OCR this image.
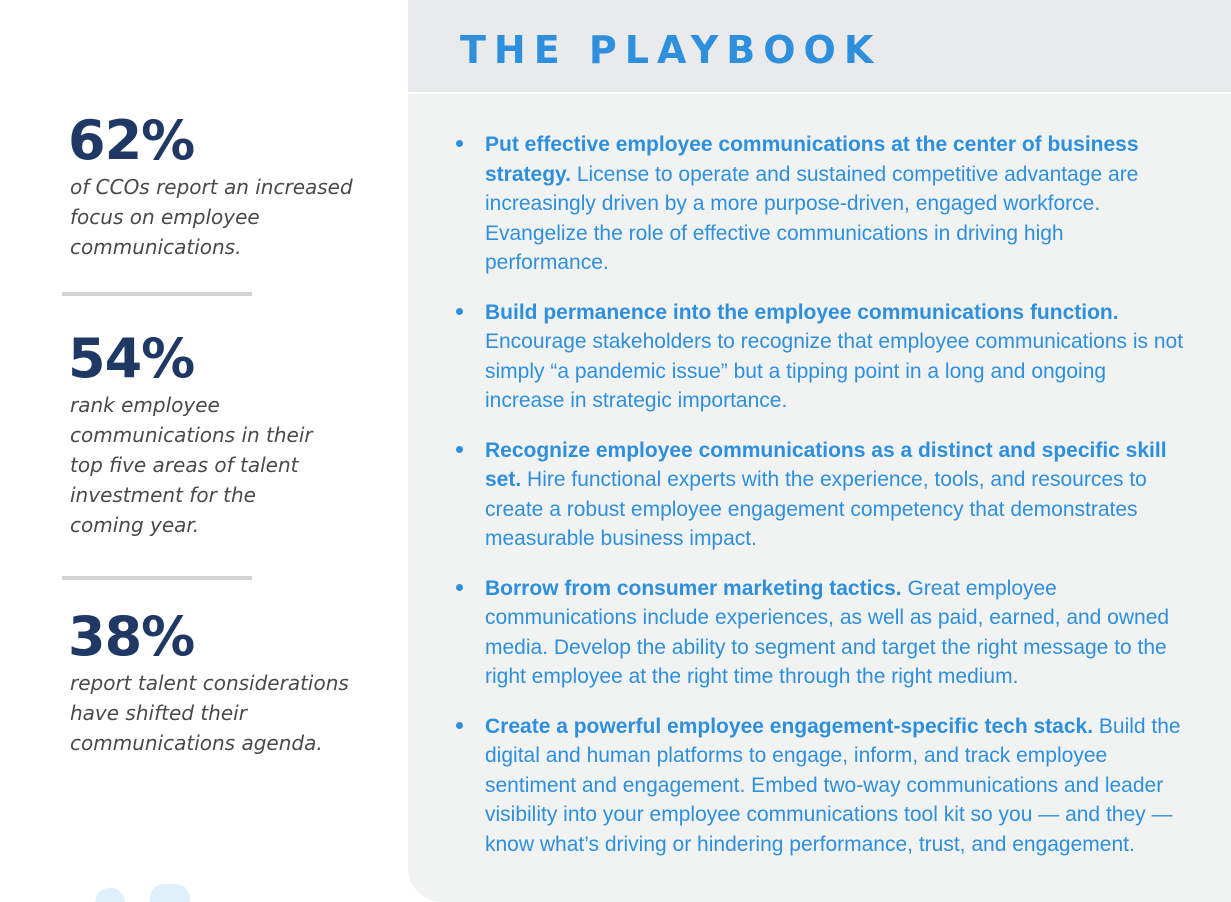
62%
of CCOs report an increased focus on employee communications.
54%
rank employee communications in their top five areas of talent investment for the coming year.
38%
report talent considerations have shifted their communications agenda.
THE PLAYBOOK
Put effective employee communications at the center of business strategy. License to operate and sustained competitive advantage are increasingly driven by a more purpose-driven, engaged workforce. Evangelize the role of effective communications in driving high performance.
Build permanence into the employee communications function. Encourage stakeholders to recognize that employee communications is not simply “a pandemic issue” but a tipping point in a long and ongoing increase in strategic importance.
Recognize employee communications as a distinct and specific skill set. Hire functional experts with the experience, tools, and resources to create a robust employee engagement competency that demonstrates measurable business impact.
Borrow from consumer marketing tactics. Great employee communications include experiences, as well as paid, earned, and owned media. Develop the ability to segment and target the right message to the right employee at the right time through the right medium.
Create a powerful employee engagement-specific tech stack. Build the digital and human platforms to engage, inform, and track employee sentiment and engagement. Embed two-way communications and leader visibility into your employee communications tool kit so you — and they — know what’s driving or hindering performance, trust, and engagement.
